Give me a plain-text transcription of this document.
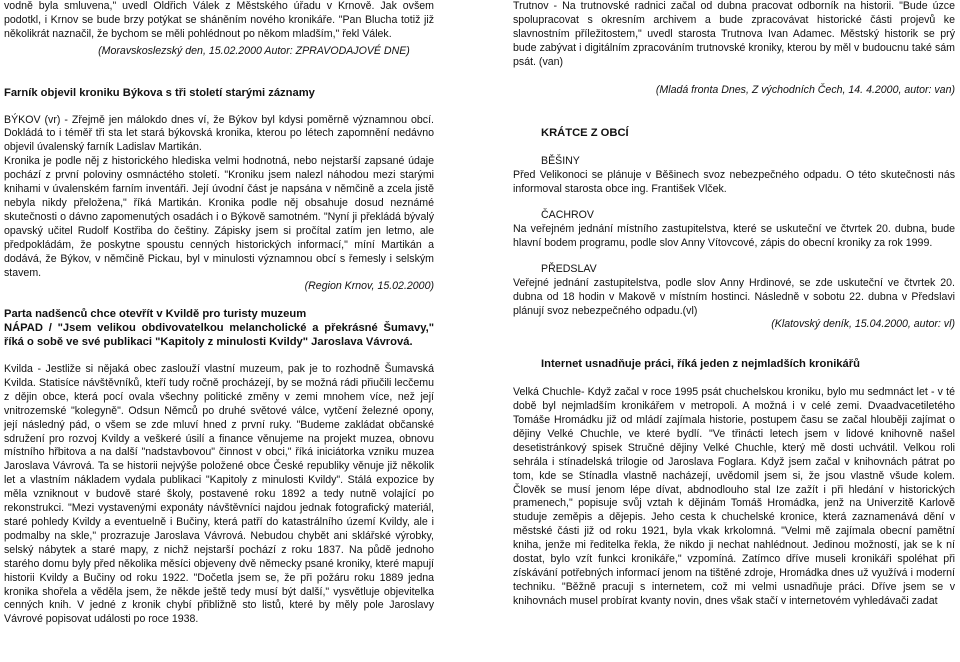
vodně byla smluvena," uvedl Oldřich Válek z Městského úřadu v Krnově. Jak ovšem podotkl, i Krnov se bude brzy potýkat se sháněním nového kronikáře. "Pan Blucha totiž již několikrát naznačil, že bychom se měli pohlédnout po někom mladším," řekl Válek.

(Moravskoslezský den, 15.02.2000 Autor: ZPRAVODAJOVÉ DNE)

Farník objevil kroniku Býkova s tři století starými záznamy

BÝKOV (vr) - Zřejmě jen málokdo dnes ví, že Býkov byl kdysi poměrně významnou obcí. Dokládá to i téměř tři sta let stará býkovská kronika, kterou po létech zapomnění nedávno objevil úvalenský farník Ladislav Martikán.

Kronika je podle něj z historického hlediska velmi hodnotná, nebo nejstarší zapsané údaje pochází z první poloviny osmnáctého století. "Kroniku jsem nalezl náhodou mezi starými knihami v úvalenském farním inventáři. Její úvodní část je napsána v němčině a zcela jistě nebyla nikdy přeložena," říká Martikán. Kronika podle něj obsahuje dosud neznámé skutečnosti o dávno zapomenutých osadách i o Býkově samotném. "Nyní ji překládá bývalý opavský učitel Rudolf Kostřiba do češtiny. Zápisky jsem si pročítal zatím jen letmo, ale předpokládám, že poskytne spoustu cenných historických informací," míní Martikán a dodává, že Býkov, v němčině Pickau, byl v minulosti významnou obcí s řemesly i selským stavem.

(Region Krnov, 15.02.2000)

Parta nadšenců chce otevřít v Kvildě pro turisty muzeum

NÁPAD / "Jsem velikou obdivovatelkou melancholické a překrásné Šumavy," říká o sobě ve své publikaci "Kapitoly z minulosti Kvildy" Jaroslava Vávrová.

Kvilda - Jestliže si nějaká obec zaslouží vlastní muzeum, pak je to rozhodně Šumavská Kvilda. Statisíce návštěvníků, kteří tudy ročně procházejí, by se možná rádi přiučili lecčemu z dějin obce, která pocí ovala všechny politické změny v zemi mnohem více, než její vnitrozemské "kolegyně". Odsun Němců po druhé světové válce, vytčení železné opony, její následný pád, o všem se zde mluví hned z první ruky. "Budeme zakládat občanské sdružení pro rozvoj Kvildy a veškeré úsilí a finance věnujeme na projekt muzea, obnovu místního hřbitova a na další "nadstavbovou" činnost v obci," říká iniciátorka vzniku muzea Jaroslava Vávrová. Ta se historii nejvýše položené obce České republiky věnuje již několik let a vlastním nákladem vydala publikaci "Kapitoly z minulosti Kvildy". Stálá expozice by měla vzniknout v budově staré školy, postavené roku 1892 a tedy nutně volající po rekonstrukci. "Mezi vystavenými exponáty návštěvníci najdou jednak fotografický materiál, staré pohledy Kvildy a eventuelně i Bučiny, která patří do katastrálního území Kvildy, ale i podmalby na skle," prozrazuje Jaroslava Vávrová. Nebudou chybět ani sklářské výrobky, selský nábytek a staré mapy, z nichž nejstarší pochází z roku 1837. Na půdě jednoho starého domu byly před několika měsíci objeveny dvě německy psané kroniky, které mapují historii Kvildy a Bučiny od roku 1922. "Dočetla jsem se, že při požáru roku 1889 jedna kronika shořela a věděla jsem, že někde ještě tedy musí být další," vysvětluje objevitelka cenných knih. V jedné z kronik chybí přibližně sto listů, které by měly pole Jaroslavy Vávrové popisovat události po roce 1938.

Trutnov - Na trutnovské radnici začal od dubna pracovat odborník na historii. "Bude úzce spolupracovat s okresním archivem a bude zpracovávat historické části projevů ke slavnostním příležitostem," uvedl starosta Trutnova Ivan Adamec. Městský historik se prý bude zabývat i digitálním zpracováním trutnovské kroniky, kterou by měl v budoucnu také sám psát. (van)

(Mladá fronta Dnes, Z východních Čech, 14. 4.2000, autor: van)

KRÁTCE Z OBCÍ

BĚŠINY

Před Velikonoci se plánuje v Běšinech svoz nebezpečného odpadu. O této skutečnosti nás informoval starosta obce ing. František Vlček.

ČACHROV

Na veřejném jednání místního zastupitelstva, které se uskuteční ve čtvrtek 20. dubna, bude hlavní bodem programu, podle slov Anny Vítovcové, zápis do obecní kroniky za rok 1999.

PŘEDSLAV

Veřejné jednání zastupitelstva, podle slov Anny Hrdinové, se zde uskuteční ve čtvrtek 20. dubna od 18 hodin v Makově v místním hostinci. Následně v sobotu 22. dubna v Předslavi plánují svoz nebezpečného odpadu.(vl)

(Klatovský deník, 15.04.2000, autor: vl)

Internet usnadňuje práci, říká jeden z nejmladších kronikářů

Velká Chuchle- Když začal v roce 1995 psát chuchelskou kroniku, bylo mu sedmnáct let - v té době byl nejmladším kronikářem v metropoli. A možná i v celé zemi. Dvaadvacetiletého Tomáše Hromádku již od mládí zajímala historie, postupem času se začal hlouběji zajímat o dějiny Velké Chuchle, ve které bydlí. "Ve třinácti letech jsem v lidové knihovně našel desetistránkový spisek Stručné dějiny Velké Chuchle, který mě dosti uchvátil. Velkou roli sehrála i stínadelská trilogie od Jaroslava Foglara. Když jsem začal v knihovnách pátrat po tom, kde se Stínadla vlastně nacházejí, uvědomil jsem si, že jsou vlastně všude kolem. Člověk se musí jenom lépe dívat, abdnodlouho stal Ize zažít i při hledání v historických pramenech," popisuje svůj vztah k dějinám Tomáš Hromádka, jenž na Univerzitě Karlově studuje zeměpis a dějepis. Jeho cesta k chuchelské kronice, která zaznamenává dění v městské části již od roku 1921, byla vkak krkolomná. "Velmi mě zajímala obecní pamětní kniha, jenže mi ředitelka řekla, že nikdo ji nechat nahlédnout. Jedinou možností, jak se k ní dostat, bylo vzít funkci kronikáře," vzpomíná. Zatímco dříve museli kronikáři spoléhat při získávání potřebných informací jenom na tištěné zdroje, Hromádka dnes už využívá i moderní techniku. "Běžně pracuji s internetem, což mi velmi usnadňuje práci. Dříve jsem se v knihovnách musel probírat kvanty novin, dnes však stačí v internetovém vyhledávači zadat
